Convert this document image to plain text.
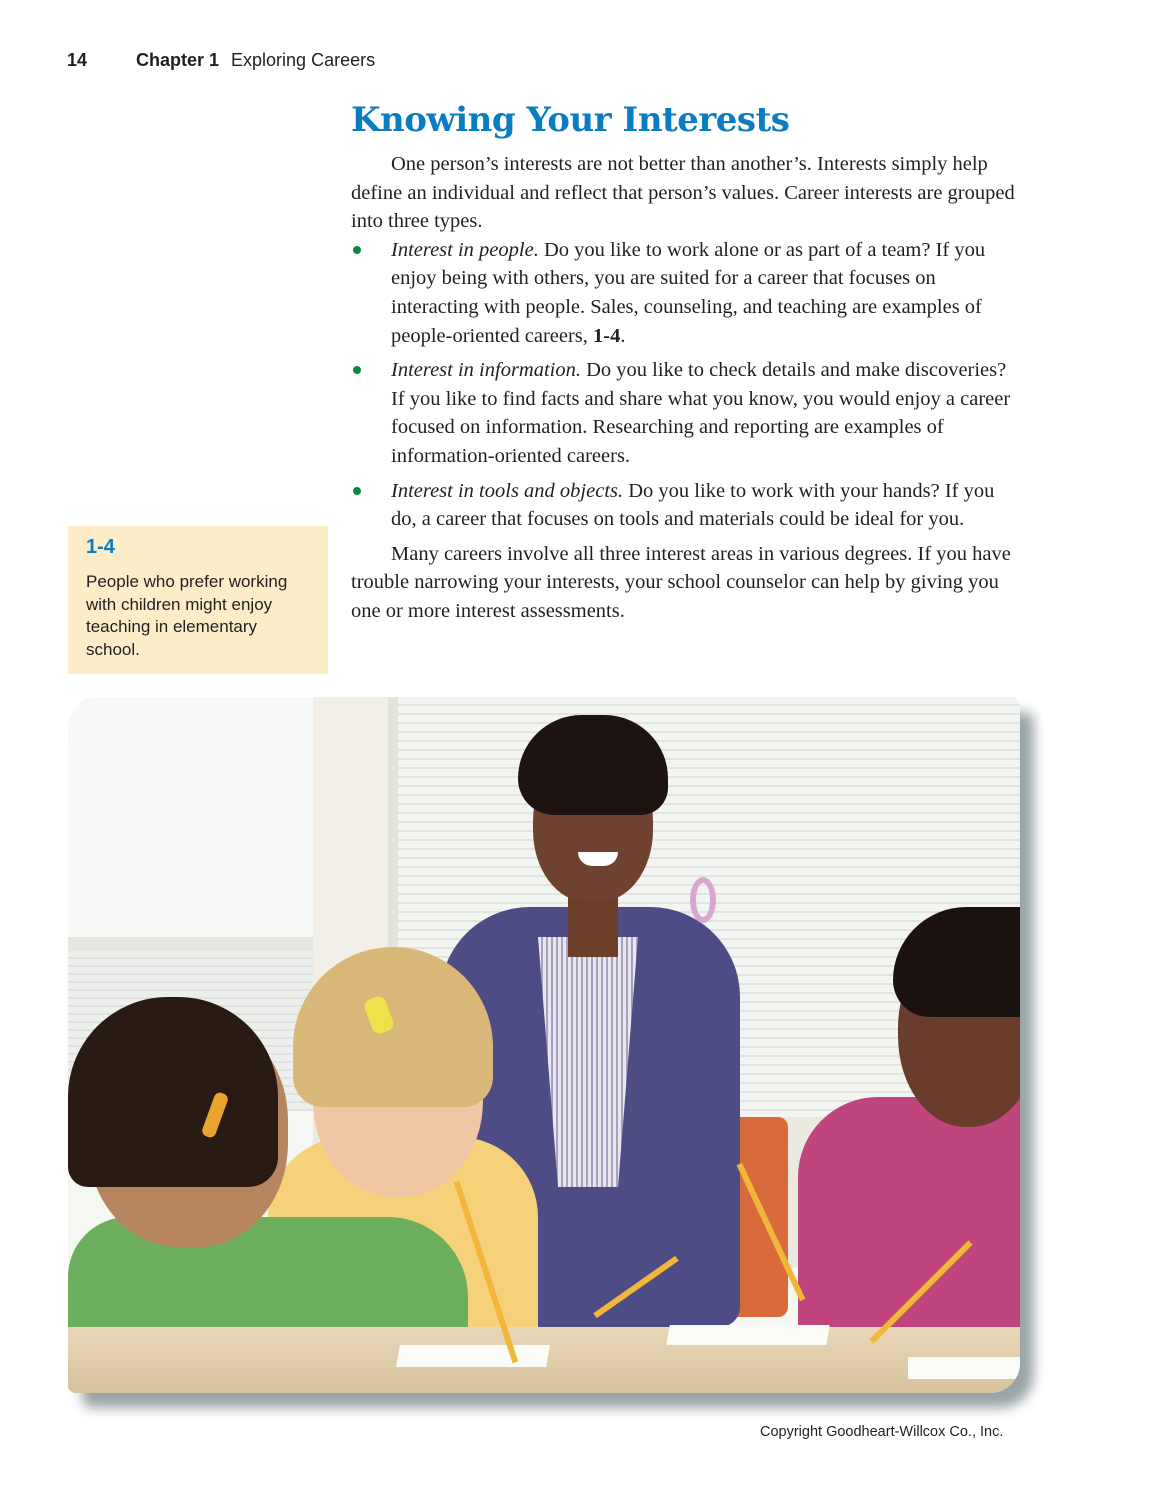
14	Chapter 1 Exploring Careers
Knowing Your Interests

One person’s interests are not better than another’s. Interests simply help define an individual and reflect that person’s values. Career interests are grouped into three types.

Interest in people. Do you like to work alone or as part of a team? If you enjoy being with others, you are suited for a career that focuses on interacting with people. Sales, counseling, and teaching are examples of people-oriented careers, 1-4.
Interest in information. Do you like to check details and make discoveries? If you like to find facts and share what you know, you would enjoy a career focused on information. Researching and reporting are examples of information-oriented careers.
Interest in tools and objects. Do you like to work with your hands? If you do, a career that focuses on tools and materials could be ideal for you.

Many careers involve all three interest areas in various degrees. If you have trouble narrowing your interests, your school counselor can help by giving you one or more interest assessments.

1-4
People who prefer working with children might enjoy teaching in elementary school.
Copyright Goodheart-Willcox Co., Inc.
